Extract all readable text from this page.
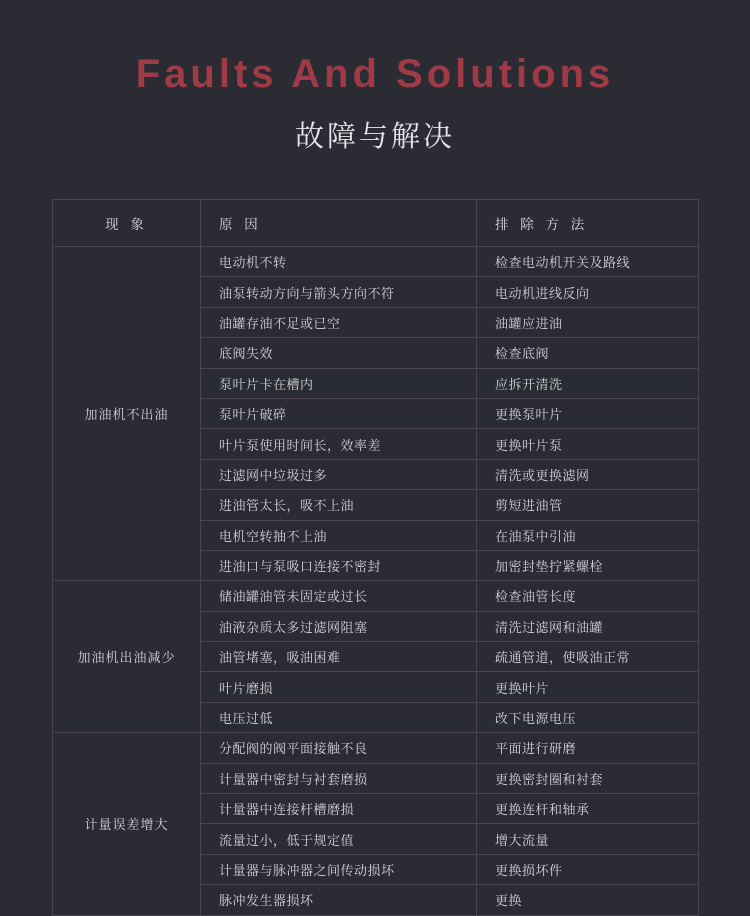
Faults And Solutions
故障与解决
现 象	原 因	排 除 方 法
加油机不出油	电动机不转	检查电动机开关及路线
	油泵转动方向与箭头方向不符	电动机进线反向
	油罐存油不足或已空	油罐应进油
	底阀失效	检查底阀
	泵叶片卡在槽内	应拆开清洗
	泵叶片破碎	更换泵叶片
	叶片泵使用时间长，效率差	更换叶片泵
	过滤网中垃圾过多	清洗或更换滤网
	进油管太长，吸不上油	剪短进油管
	电机空转抽不上油	在油泵中引油
	进油口与泵吸口连接不密封	加密封垫拧紧螺栓
加油机出油减少	储油罐油管未固定或过长	检查油管长度
	油液杂质太多过滤网阻塞	清洗过滤网和油罐
	油管堵塞，吸油困难	疏通管道，使吸油正常
	叶片磨损	更换叶片
	电压过低	改下电源电压
计量误差增大	分配阀的阀平面接触不良	平面进行研磨
	计量器中密封与衬套磨损	更换密封圈和衬套
	计量器中连接杆槽磨损	更换连杆和轴承
	流量过小，低于规定值	增大流量
	计量器与脉冲器之间传动损坏	更换损坏件
	脉冲发生器损坏	更换
